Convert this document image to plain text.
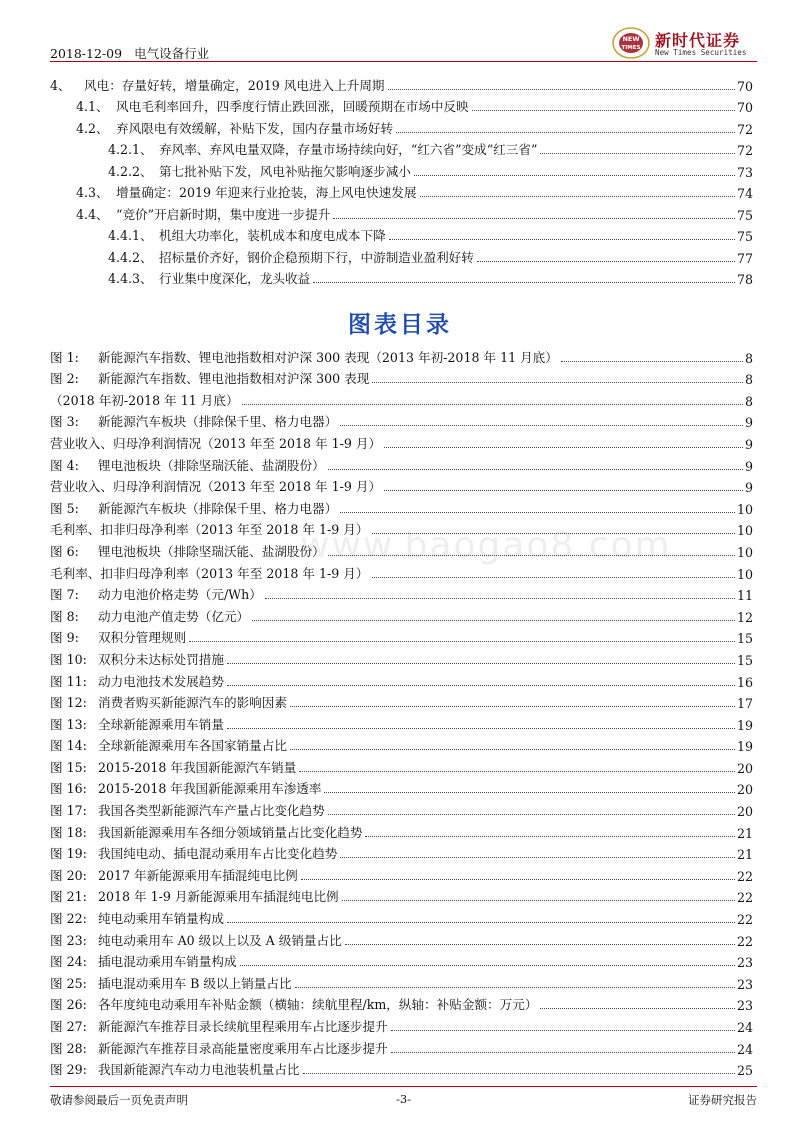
2018-12-09 电气设备行业
NEW
TIMES 新时代证券
New Times Securities
4、	风电：存量好转，增量确定，2019 风电进入上升周期	70
4.1、 风电毛利率回升，四季度行情止跌回涨，回暖预期在市场中反映	70
4.2、 弃风限电有效缓解，补贴下发，国内存量市场好转	72
4.2.1、 弃风率、弃风电量双降，存量市场持续向好，“红六省”变成“红三省”	72
4.2.2、 第七批补贴下发，风电补贴拖欠影响逐步减小	73
4.3、 增量确定：2019 年迎来行业抢装，海上风电快速发展	74
4.4、 “竞价”开启新时期，集中度进一步提升	75
4.4.1、 机组大功率化，装机成本和度电成本下降	75
4.4.2、 招标量价齐好，钢价企稳预期下行，中游制造业盈利好转	77
4.4.3、 行业集中度深化，龙头收益	78
图表目录
www.baogao8.com
图 1:	新能源汽车指数、锂电池指数相对沪深 300 表现（2013 年初-2018 年 11 月底）	8
图 2:	新能源汽车指数、锂电池指数相对沪深 300 表现	8
（2018 年初-2018 年 11 月底）	8
图 3:	新能源汽车板块（排除保千里、格力电器）	9
营业收入、归母净利润情况（2013 年至 2018 年 1-9 月）	9
图 4:	锂电池板块（排除坚瑞沃能、盐湖股份）	9
营业收入、归母净利润情况（2013 年至 2018 年 1-9 月）	9
图 5:	新能源汽车板块（排除保千里、格力电器）	10
毛利率、扣非归母净利率（2013 年至 2018 年 1-9 月）	10
图 6:	锂电池板块（排除坚瑞沃能、盐湖股份）	10
毛利率、扣非归母净利率（2013 年至 2018 年 1-9 月）	10
图 7:	动力电池价格走势（元/Wh）	11
图 8:	动力电池产值走势（亿元）	12
图 9:	双积分管理规则	15
图 10: 双积分未达标处罚措施	15
图 11: 动力电池技术发展趋势	16
图 12: 消费者购买新能源汽车的影响因素	17
图 13: 全球新能源乘用车销量	19
图 14: 全球新能源乘用车各国家销量占比	19
图 15: 2015-2018 年我国新能源汽车销量	20
图 16: 2015-2018 年我国新能源乘用车渗透率	20
图 17: 我国各类型新能源汽车产量占比变化趋势	20
图 18: 我国新能源乘用车各细分领域销量占比变化趋势	21
图 19: 我国纯电动、插电混动乘用车占比变化趋势	21
图 20: 2017 年新能源乘用车插混纯电比例	22
图 21: 2018 年 1-9 月新能源乘用车插混纯电比例	22
图 22: 纯电动乘用车销量构成	22
图 23: 纯电动乘用车 A0 级以上以及 A 级销量占比	22
图 24: 插电混动乘用车销量构成	23
图 25: 插电混动乘用车 B 级以上销量占比	23
图 26: 各年度纯电动乘用车补贴金额（横轴：续航里程/km，纵轴：补贴金额：万元）	23
图 27: 新能源汽车推荐目录长续航里程乘用车占比逐步提升	24
图 28: 新能源汽车推荐目录高能量密度乘用车占比逐步提升	24
图 29: 我国新能源汽车动力电池装机量占比	25
敬请参阅最后一页免责声明	-3-	证券研究报告
